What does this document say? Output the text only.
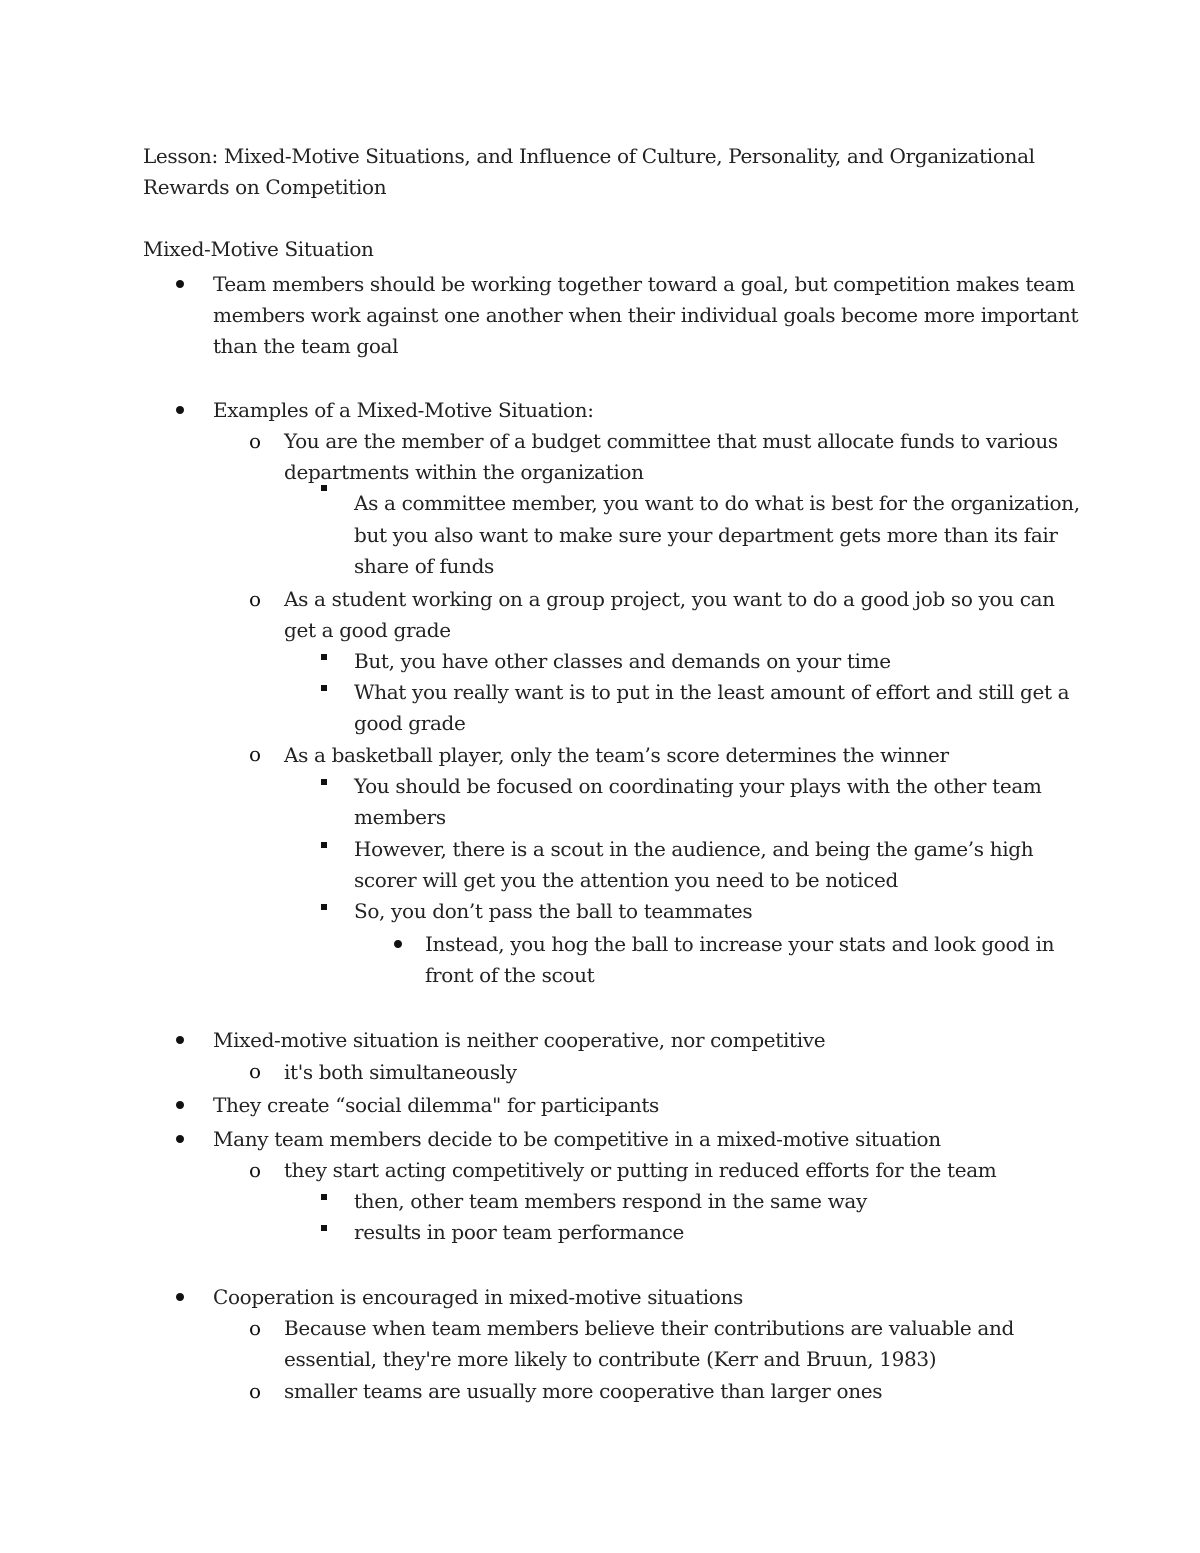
Lesson: Mixed-Motive Situations, and Influence of Culture, Personality, and Organizational
Rewards on Competition
Mixed-Motive Situation
Team members should be working together toward a goal, but competition makes team
members work against one another when their individual goals become more important
than the team goal
Examples of a Mixed-Motive Situation:
o You are the member of a budget committee that must allocate funds to various
departments within the organization
As a committee member, you want to do what is best for the organization,
but you also want to make sure your department gets more than its fair
share of funds
o As a student working on a group project, you want to do a good job so you can
get a good grade
But, you have other classes and demands on your time
What you really want is to put in the least amount of effort and still get a
good grade
o As a basketball player, only the team’s score determines the winner
You should be focused on coordinating your plays with the other team
members
However, there is a scout in the audience, and being the game’s high
scorer will get you the attention you need to be noticed
So, you don’t pass the ball to teammates
Instead, you hog the ball to increase your stats and look good in
front of the scout
Mixed-motive situation is neither cooperative, nor competitive
o it's both simultaneously
They create “social dilemma" for participants
Many team members decide to be competitive in a mixed-motive situation
o they start acting competitively or putting in reduced efforts for the team
then, other team members respond in the same way
results in poor team performance
Cooperation is encouraged in mixed-motive situations
o Because when team members believe their contributions are valuable and
essential, they're more likely to contribute (Kerr and Bruun, 1983)
o smaller teams are usually more cooperative than larger ones
